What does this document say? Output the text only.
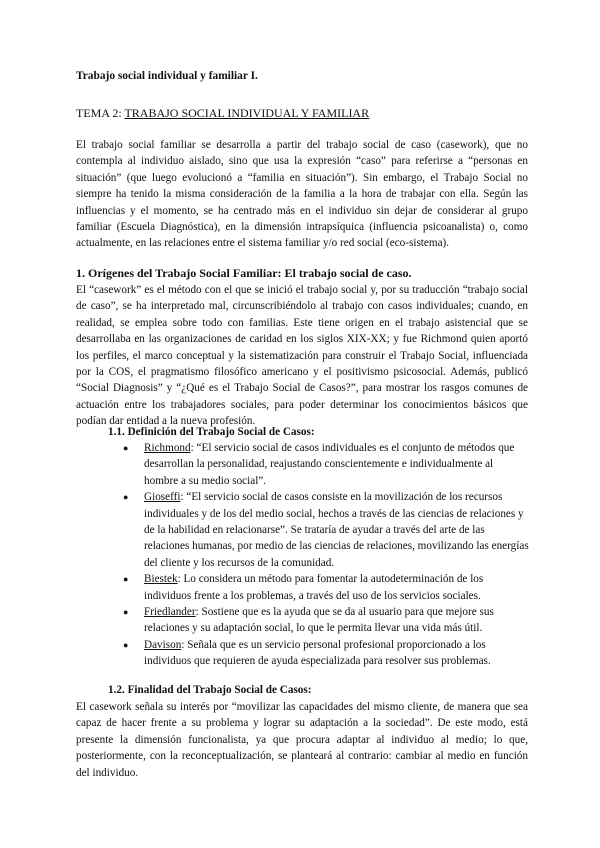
Trabajo social individual y familiar I.

TEMA 2: TRABAJO SOCIAL INDIVIDUAL Y FAMILIAR

El trabajo social familiar se desarrolla a partir del trabajo social de caso (casework), que no contempla al individuo aislado, sino que usa la expresión “caso” para referirse a “personas en situación” (que luego evolucionó a “familia en situación”). Sin embargo, el Trabajo Social no siempre ha tenido la misma consideración de la familia a la hora de trabajar con ella. Según las influencias y el momento, se ha centrado más en el individuo sin dejar de considerar al grupo familiar (Escuela Diagnóstica), en la dimensión intrapsíquica (influencia psicoanalista) o, como actualmente, en las relaciones entre el sistema familiar y/o red social (eco-sistema).

1. Orígenes del Trabajo Social Familiar: El trabajo social de caso.

El “casework” es el método con el que se inició el trabajo social y, por su traducción “trabajo social de caso”, se ha interpretado mal, circunscribiéndolo al trabajo con casos individuales; cuando, en realidad, se emplea sobre todo con familias. Este tiene origen en el trabajo asistencial que se desarrollaba en las organizaciones de caridad en los siglos XIX-XX; y fue Richmond quien aportó los perfiles, el marco conceptual y la sistematización para construir el Trabajo Social, influenciada por la COS, el pragmatismo filosófico americano y el positivismo psicosocial. Además, publicó “Social Diagnosis” y “¿Qué es el Trabajo Social de Casos?”, para mostrar los rasgos comunes de actuación entre los trabajadores sociales, para poder determinar los conocimientos básicos que podían dar entidad a la nueva profesión.

1.1. Definición del Trabajo Social de Casos:
● Richmond: “El servicio social de casos individuales es el conjunto de métodos que desarrollan la personalidad, reajustando conscientemente e individualmente al hombre a su medio social”.
● Gioseffi: “El servicio social de casos consiste en la movilización de los recursos individuales y de los del medio social, hechos a través de las ciencias de relaciones y de la habilidad en relacionarse”. Se trataría de ayudar a través del arte de las relaciones humanas, por medio de las ciencias de relaciones, movilizando las energías del cliente y los recursos de la comunidad.
● Biestek: Lo considera un método para fomentar la autodeterminación de los individuos frente a los problemas, a través del uso de los servicios sociales.
● Friedlander: Sostiene que es la ayuda que se da al usuario para que mejore sus relaciones y su adaptación social, lo que le permita llevar una vida más útil.
● Davison: Señala que es un servicio personal profesional proporcionado a los individuos que requieren de ayuda especializada para resolver sus problemas.
1.2. Finalidad del Trabajo Social de Casos:

El casework señala su interés por “movilizar las capacidades del mismo cliente, de manera que sea capaz de hacer frente a su problema y lograr su adaptación a la sociedad”. De este modo, está presente la dimensión funcionalista, ya que procura adaptar al individuo al medio; lo que, posteriormente, con la reconceptualización, se planteará al contrario: cambiar al medio en función del individuo.
